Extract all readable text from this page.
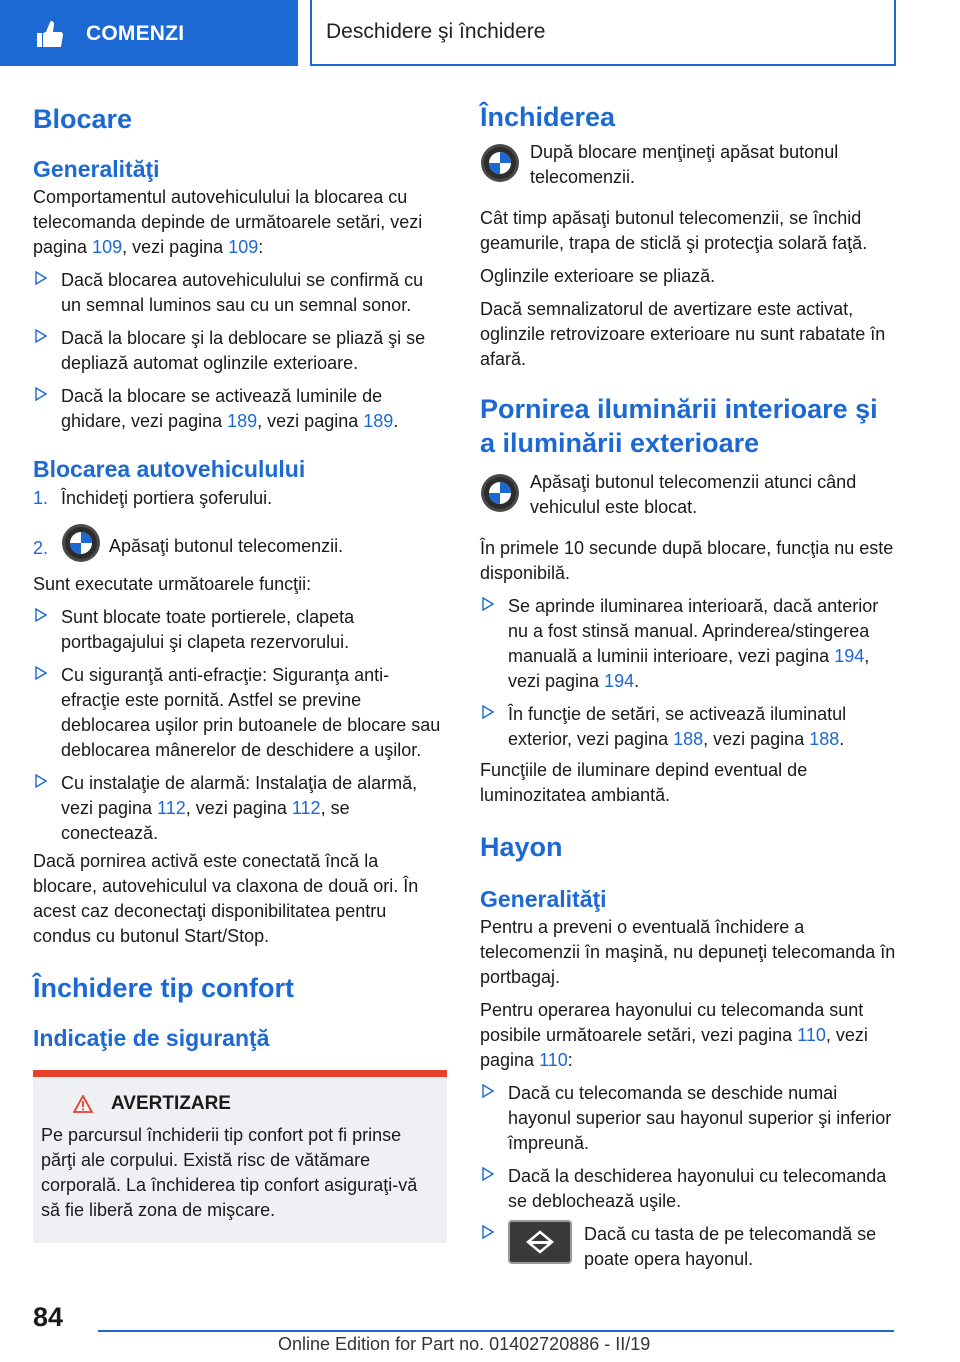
COMENZI	Deschidere şi închidere
Blocare
Generalităţi

Comportamentul autovehiculului la blocarea cu telecomanda depinde de următoarele setări, vezi pagina 109, vezi pagina 109:

Dacă blocarea autovehiculului se confirmă cu un semnal luminos sau cu un semnal sonor.
Dacă la blocare şi la deblocare se pliază şi se depliază automat oglinzile exterioare.
Dacă la blocare se activează luminile de ghidare, vezi pagina 189, vezi pagina 189.
Blocarea autovehiculului
1. Închideţi portiera şoferului.
2.	Apăsaţi butonul telecomenzii.

Sunt executate următoarele funcţii:

Sunt blocate toate portierele, clapeta portbagajului şi clapeta rezervorului.
Cu siguranţă anti-efracţie: Siguranţa anti-efracţie este pornită. Astfel se previne deblocarea uşilor prin butoanele de blocare sau deblocarea mânerelor de deschidere a uşilor.
Cu instalaţie de alarmă: Instalaţia de alarmă, vezi pagina 112, vezi pagina 112, se conectează.

Dacă pornirea activă este conectată încă la blocare, autovehiculul va claxona de două ori. În acest caz deconectaţi disponibilitatea pentru condus cu butonul Start/Stop.

Închidere tip confort
Indicaţie de siguranţă
AVERTIZARE

Pe parcursul închiderii tip confort pot fi prinse părţi ale corpului. Există risc de vătămare corporală. La închiderea tip confort asiguraţi-vă să fie liberă zona de mişcare.

Închiderea

După blocare menţineţi apăsat butonul telecomenzii.

Cât timp apăsaţi butonul telecomenzii, se închid geamurile, trapa de sticlă şi protecţia solară faţă.

Oglinzile exterioare se pliază.

Dacă semnalizatorul de avertizare este activat, oglinzile retrovizoare exterioare nu sunt rabatate în afară.

Pornirea iluminării interioare şi a iluminării exterioare

Apăsaţi butonul telecomenzii atunci când vehiculul este blocat.

În primele 10 secunde după blocare, funcţia nu este disponibilă.

Se aprinde iluminarea interioară, dacă anterior nu a fost stinsă manual. Aprinderea/stingerea manuală a luminii interioare, vezi pagina 194, vezi pagina 194.
În funcţie de setări, se activează iluminatul exterior, vezi pagina 188, vezi pagina 188.

Funcţiile de iluminare depind eventual de luminozitatea ambiantă.

Hayon
Generalităţi

Pentru a preveni o eventuală închidere a telecomenzii în maşină, nu depuneţi telecomanda în portbagaj.

Pentru operarea hayonului cu telecomanda sunt posibile următoarele setări, vezi pagina 110, vezi pagina 110:

Dacă cu telecomanda se deschide numai hayonul superior sau hayonul superior şi inferior împreună.
Dacă la deschiderea hayonului cu telecomanda se deblochează uşile.
Dacă cu tasta de pe telecomandă se poate opera hayonul.
84
Online Edition for Part no. 01402720886 - II/19
